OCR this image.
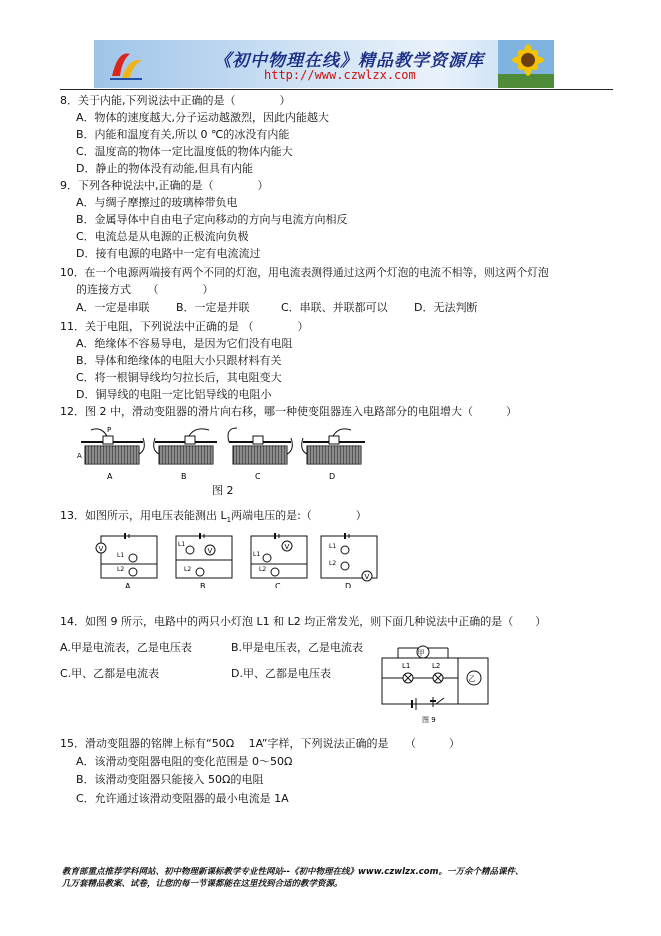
《初中物理在线》精品教学资源库
http://www.czwlzx.com
8．关于内能,下列说法中正确的是（　　　　）
A．物体的速度越大,分子运动越激烈，因此内能越大
B．内能和温度有关,所以 0 ℃的冰没有内能
C．温度高的物体一定比温度低的物体内能大
D．静止的物体没有动能,但具有内能
9．下列各种说法中,正确的是（　　　　）
A．与绸子摩擦过的玻璃棒带负电
B．金属导体中自由电子定向移动的方向与电流方向相反
C．电流总是从电源的正极流向负极
D．接有电源的电路中一定有电流流过
10．在一个电源两端接有两个不同的灯泡，用电流表测得通过这两个灯泡的电流不相等，则这两个灯泡
的连接方式　　（　　　　）
A．一定是串联 B．一定是并联	C．串联、并联都可以 D．无法判断
11．关于电阻，下列说法中正确的是 （　　　　）
A．绝缘体不容易导电，是因为它们没有电阻
B．导体和绝缘体的电阻大小只跟材料有关
C．将一根铜导线均匀拉长后，其电阻变大
D．铜导线的电阻一定比铝导线的电阻小
12．图 2 中，滑动变阻器的滑片向右移，哪一种使变阻器连入电路部分的电阻增大（　　　）
P
A
A	B	C	D
图 2
13．如图所示，用电压表能测出 $L_1$两端电压的是:（　　　　）
V
L1
L2
A
V
L1
L2
B
V
L1
L2
C
L1
L2
V
D
14．如图 9 所示，电路中的两只小灯泡 L1 和 L2 均正常发光，则下面几种说法中正确的是（　　）
A.甲是电流表，乙是电压表	B.甲是电压表，乙是电流表
C.甲、乙都是电流表	D.甲、乙都是电压表
甲
L1	L2
乙
图 9
15．滑动变阻器的铭牌上标有“50Ω　 1A”字样，下列说法正确的是　　（　　　）
A．该滑动变阻器电阻的变化范围是 0～50Ω
B．该滑动变阻器只能接入 50Ω的电阻
C．允许通过该滑动变阻器的最小电流是 1A
教育部重点推荐学科网站、初中物理新课标教学专业性网站--《初中物理在线》www.czwlzx.com。一万余个精品课件、
几万套精品教案、试卷，让您的每一节课都能在这里找到合适的教学资源。
